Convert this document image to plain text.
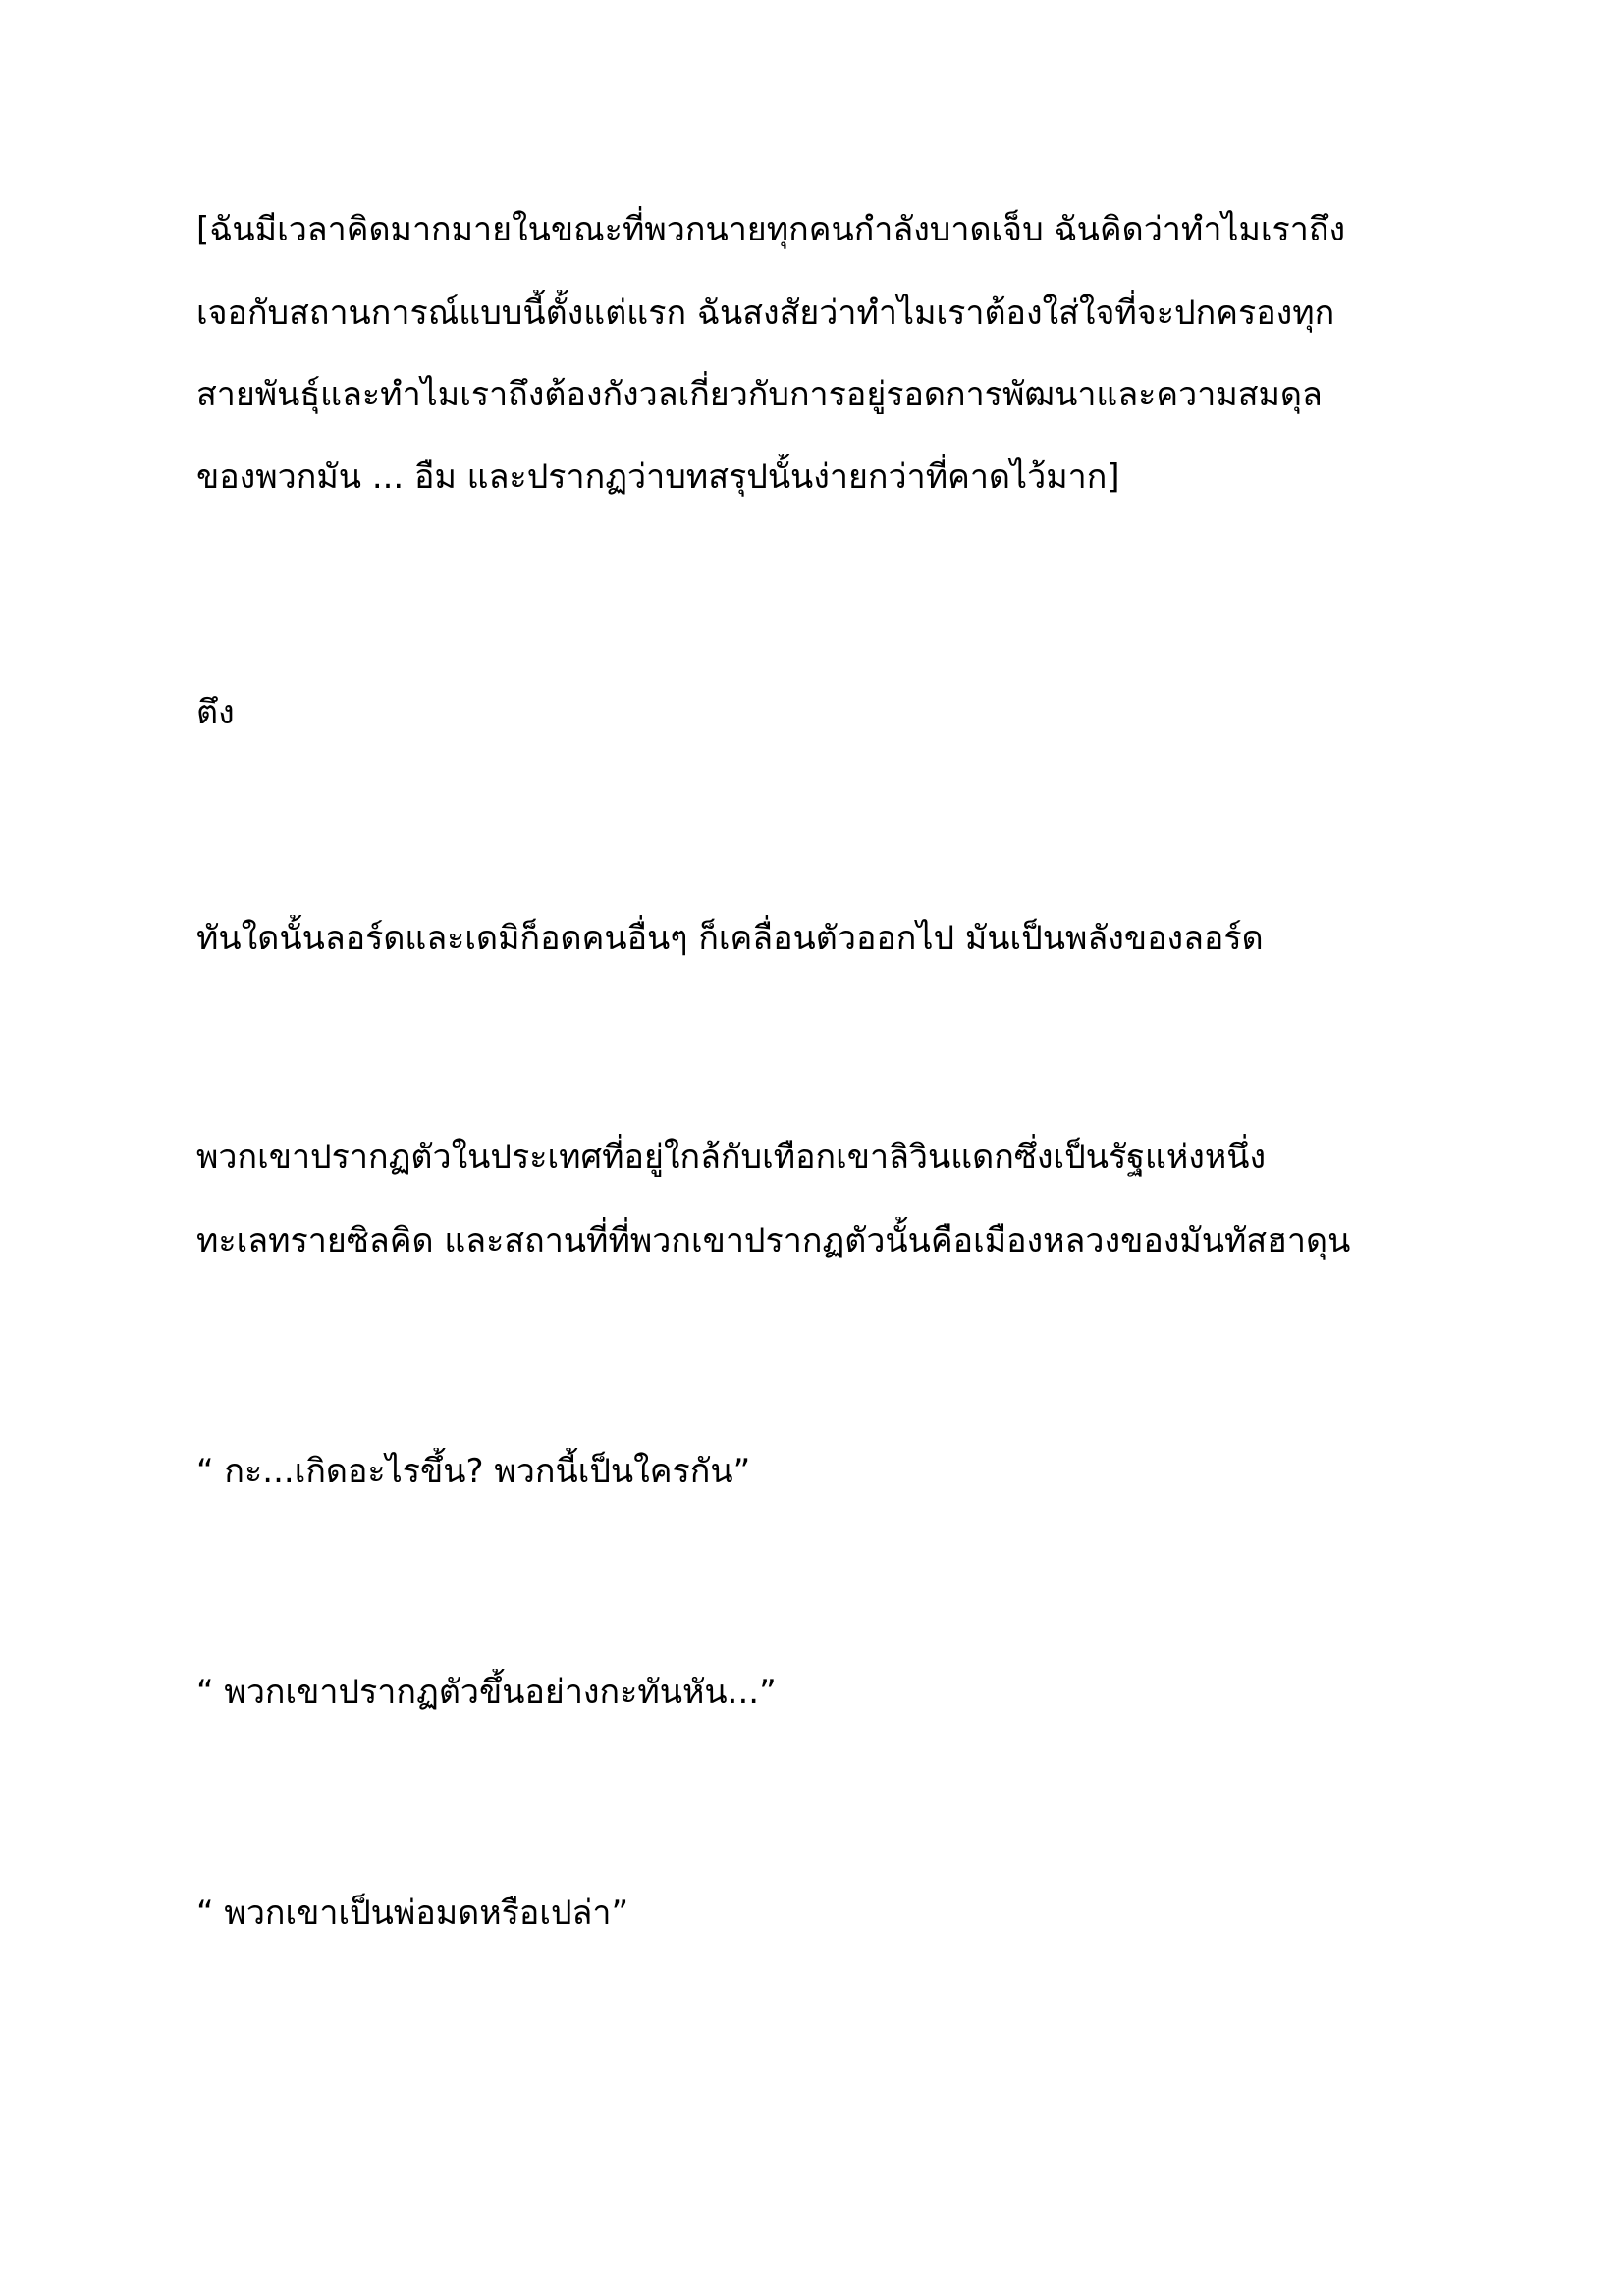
[ฉันมีเวลาคิดมากมายในขณะที่พวกนายทุกคนกำลังบาดเจ็บ ฉันคิดว่าทำไมเราถึง
เจอกับสถานการณ์แบบนี้ตั้งแต่แรก ฉันสงสัยว่าทำไมเราต้องใส่ใจที่จะปกครองทุก
สายพันธุ์และทำไมเราถึงต้องกังวลเกี่ยวกับการอยู่รอดการพัฒนาและความสมดุล
ของพวกมัน ... อืม และปรากฏว่าบทสรุปนั้นง่ายกว่าที่คาดไว้มาก]
ตึง
ทันใดนั้นลอร์ดและเดมิก็อดคนอื่นๆ ก็เคลื่อนตัวออกไป มันเป็นพลังของลอร์ด
พวกเขาปรากฏตัวในประเทศที่อยู่ใกล้กับเทือกเขาลิวินแดกซึ่งเป็นรัฐแห่งหนึ่ง
ทะเลทรายซิลคิด และสถานที่ที่พวกเขาปรากฏตัวนั้นคือเมืองหลวงของมันทัสฮาดุน
“ กะ...เกิดอะไรขึ้น? พวกนี้เป็นใครกัน”
“ พวกเขาปรากฏตัวขึ้นอย่างกะทันหัน...”
“ พวกเขาเป็นพ่อมดหรือเปล่า”
